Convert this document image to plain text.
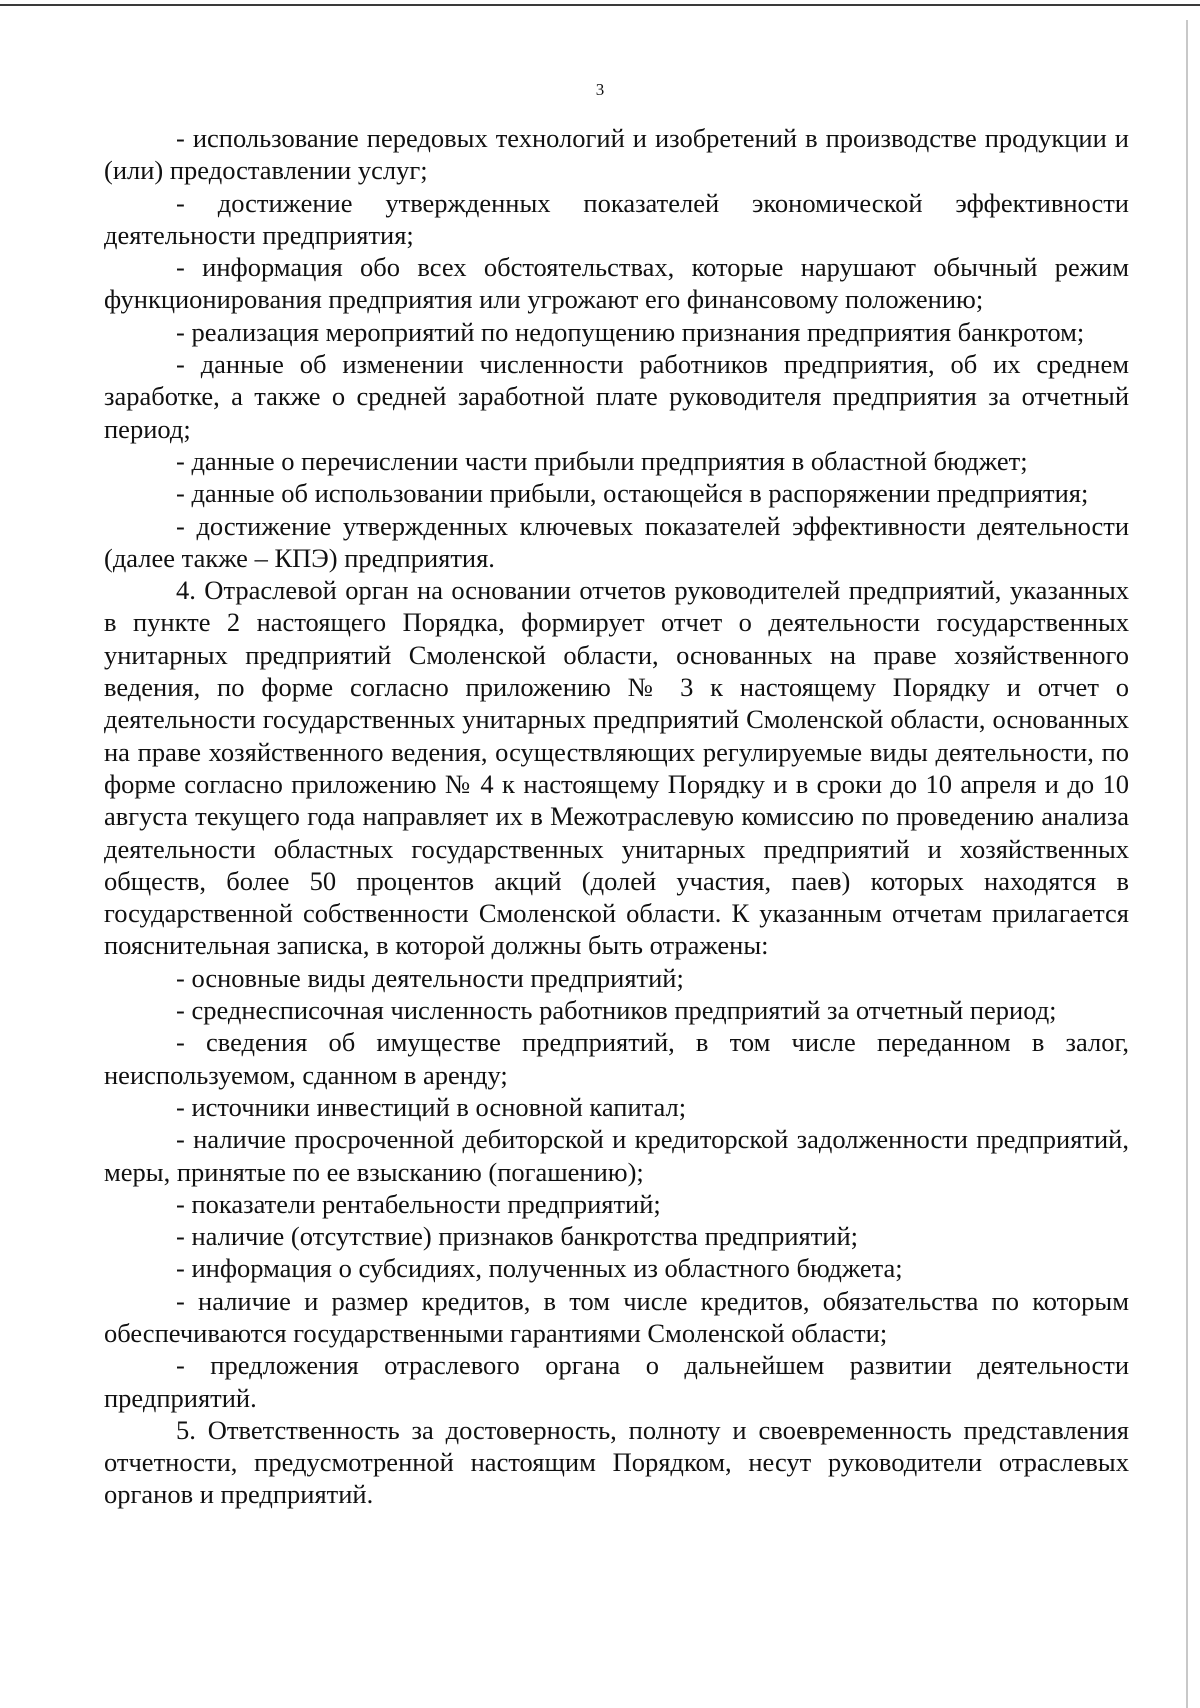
3

- использование передовых технологий и изобретений в производстве продукции и (или) предоставлении услуг;

- достижение утвержденных показателей экономической эффективности деятельности предприятия;

- информация обо всех обстоятельствах, которые нарушают обычный режим функционирования предприятия или угрожают его финансовому положению;

- реализация мероприятий по недопущению признания предприятия банкротом;

- данные об изменении численности работников предприятия, об их среднем заработке, а также о средней заработной плате руководителя предприятия за отчетный период;

- данные о перечислении части прибыли предприятия в областной бюджет;

- данные об использовании прибыли, остающейся в распоряжении предприятия;

- достижение утвержденных ключевых показателей эффективности деятельности (далее также – КПЭ) предприятия.

4. Отраслевой орган на основании отчетов руководителей предприятий, указанных в пункте 2 настоящего Порядка, формирует отчет о деятельности государственных унитарных предприятий Смоленской области, основанных на праве хозяйственного ведения, по форме согласно приложению № 3 к настоящему Порядку и отчет о деятельности государственных унитарных предприятий Смоленской области, основанных на праве хозяйственного ведения, осуществляющих регулируемые виды деятельности, по форме согласно приложению № 4 к настоящему Порядку и в сроки до 10 апреля и до 10 августа текущего года направляет их в Межотраслевую комиссию по проведению анализа деятельности областных государственных унитарных предприятий и хозяйственных обществ, более 50 процентов акций (долей участия, паев) которых находятся в государственной собственности Смоленской области. К указанным отчетам прилагается пояснительная записка, в которой должны быть отражены:

- основные виды деятельности предприятий;

- среднесписочная численность работников предприятий за отчетный период;

- сведения об имуществе предприятий, в том числе переданном в залог, неиспользуемом, сданном в аренду;

- источники инвестиций в основной капитал;

- наличие просроченной дебиторской и кредиторской задолженности предприятий, меры, принятые по ее взысканию (погашению);

- показатели рентабельности предприятий;

- наличие (отсутствие) признаков банкротства предприятий;

- информация о субсидиях, полученных из областного бюджета;

- наличие и размер кредитов, в том числе кредитов, обязательства по которым обеспечиваются государственными гарантиями Смоленской области;

- предложения отраслевого органа о дальнейшем развитии деятельности предприятий.

5. Ответственность за достоверность, полноту и своевременность представления отчетности, предусмотренной настоящим Порядком, несут руководители отраслевых органов и предприятий.
